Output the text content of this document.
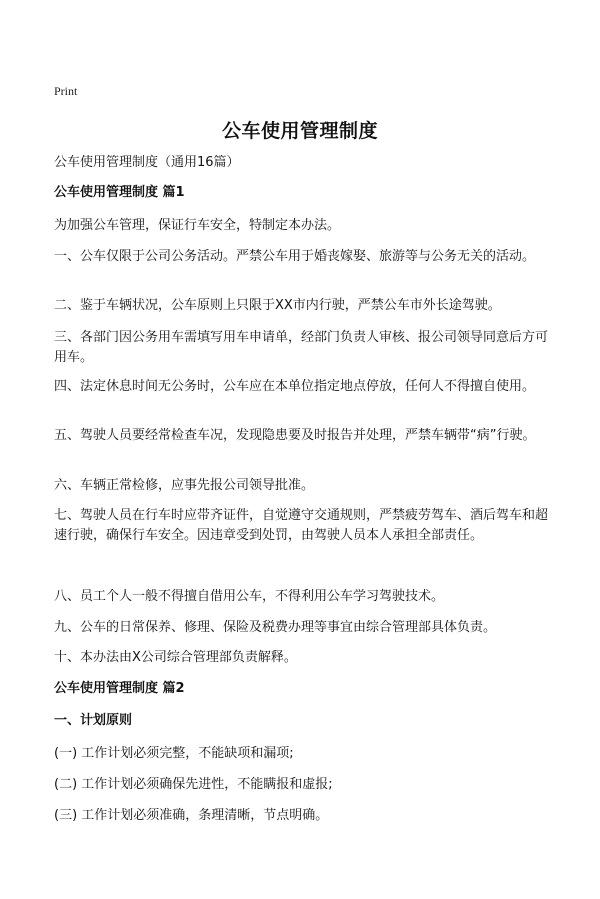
Print
公车使用管理制度

公车使用管理制度（通用16篇）

公车使用管理制度 篇1

为加强公车管理，保证行车安全，特制定本办法。

一、公车仅限于公司公务活动。严禁公车用于婚丧嫁娶、旅游等与公务无关的活动。

二、鉴于车辆状况，公车原则上只限于XX市内行驶，严禁公车市外长途驾驶。

三、各部门因公务用车需填写用车申请单，经部门负责人审核、报公司领导同意后方可用车。

四、法定休息时间无公务时，公车应在本单位指定地点停放，任何人不得擅自使用。

五、驾驶人员要经常检查车况，发现隐患要及时报告并处理，严禁车辆带“病”行驶。

六、车辆正常检修，应事先报公司领导批准。

七、驾驶人员在行车时应带齐证件，自觉遵守交通规则，严禁疲劳驾车、酒后驾车和超速行驶，确保行车安全。因违章受到处罚，由驾驶人员本人承担全部责任。

八、员工个人一般不得擅自借用公车，不得利用公车学习驾驶技术。

九、公车的日常保养、修理、保险及税费办理等事宜由综合管理部具体负责。

十、本办法由X公司综合管理部负责解释。

公车使用管理制度 篇2

一、计划原则

(一) 工作计划必须完整，不能缺项和漏项;

(二) 工作计划必须确保先进性，不能瞒报和虚报;

(三) 工作计划必须准确，条理清晰，节点明确。
